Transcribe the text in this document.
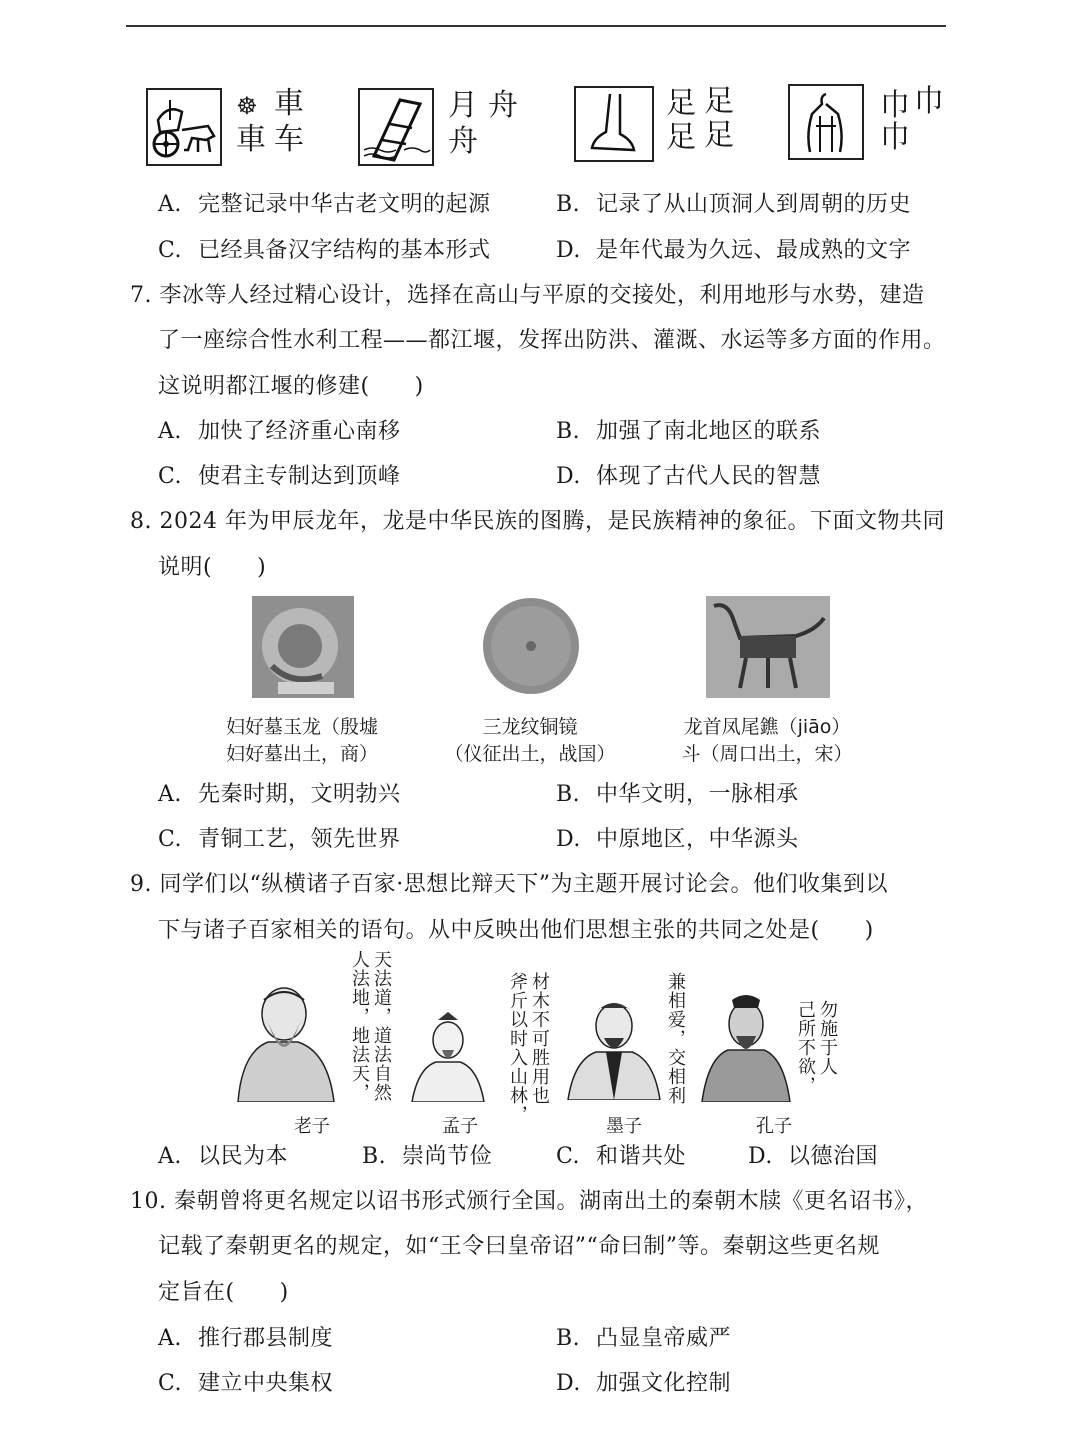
☸ 車
車 车
月 舟
舟
足 足
足 足
巾 巾
巾
A. 完整记录中华古老文明的起源	B. 记录了从山顶洞人到周朝的历史
C. 已经具备汉字结构的基本形式	D. 是年代最为久远、最成熟的文字
7. 李冰等人经过精心设计，选择在高山与平原的交接处，利用地形与水势，建造
了一座综合性水利工程——都江堰，发挥出防洪、灌溉、水运等多方面的作用。
这说明都江堰的修建(　　)
A. 加快了经济重心南移	B. 加强了南北地区的联系
C. 使君主专制达到顶峰	D. 体现了古代人民的智慧
8. 2024 年为甲辰龙年，龙是中华民族的图腾，是民族精神的象征。下面文物共同
说明(　　)
妇好墓玉龙（殷墟
妇好墓出土，商）
三龙纹铜镜
（仪征出土，战国）
龙首凤尾鐎（jiāo）
斗（周口出土，宋）
A. 先秦时期，文明勃兴	B. 中华文明，一脉相承
C. 青铜工艺，领先世界	D. 中原地区，中华源头
9. 同学们以“纵横诸子百家·思想比辩天下”为主题开展讨论会。他们收集到以
下与诸子百家相关的语句。从中反映出他们思想主张的共同之处是(　　)
天法道，道法自然
人法地，地法天，
老子
材木不可胜用也
斧斤以时入山林，
孟子
兼相爱，交相利
墨子
勿施于人
己所不欲，
孔子
A. 以民为本	B. 崇尚节俭	C. 和谐共处	D. 以德治国
10. 秦朝曾将更名规定以诏书形式颁行全国。湖南出土的秦朝木牍《更名诏书》，
记载了秦朝更名的规定，如“王令曰皇帝诏”“命曰制”等。秦朝这些更名规
定旨在(　　)
A. 推行郡县制度	B. 凸显皇帝威严
C. 建立中央集权	D. 加强文化控制
